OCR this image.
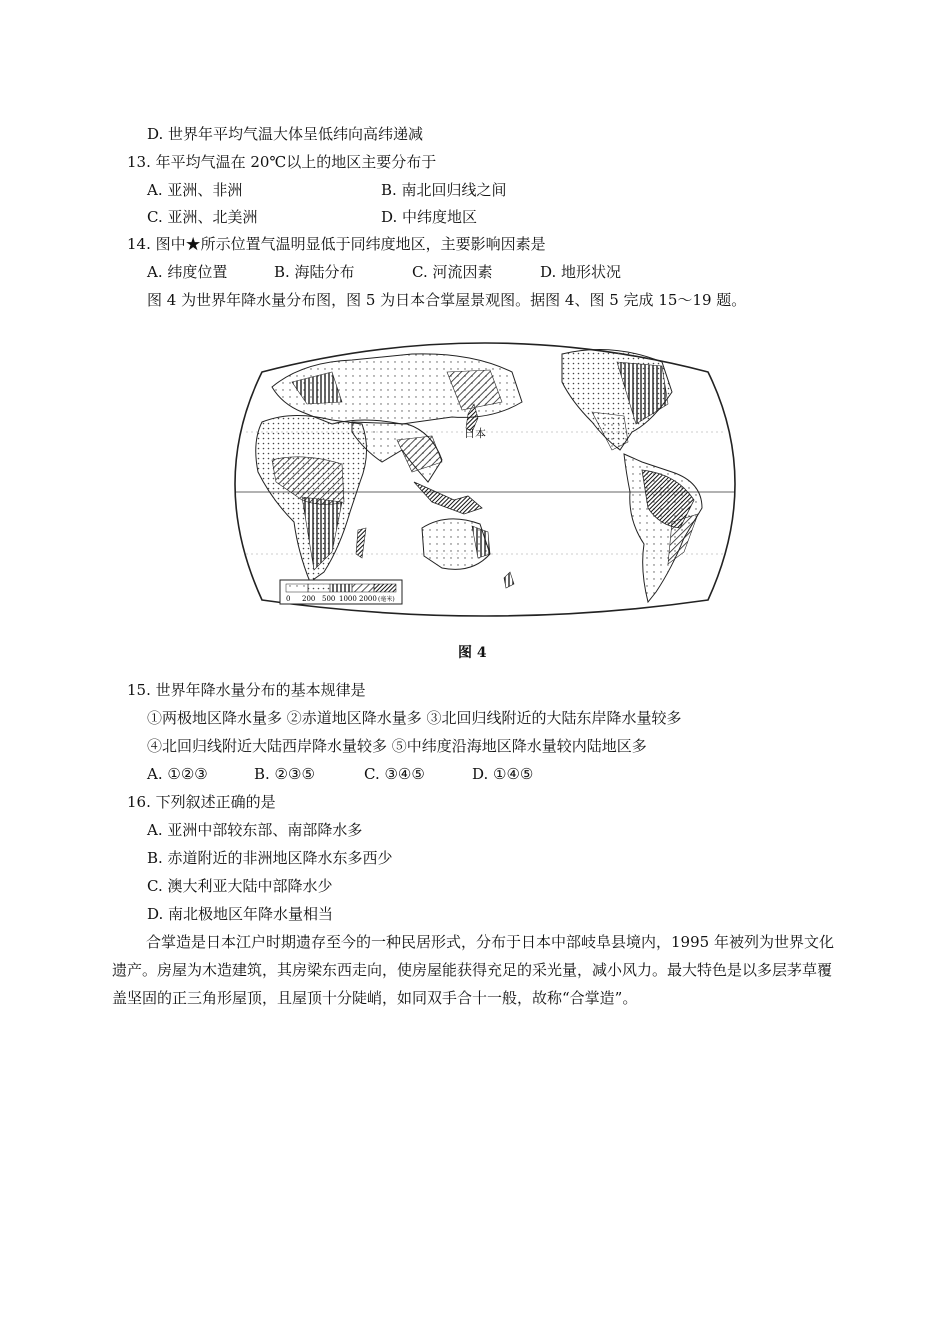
D. 世界年平均气温大体呈低纬向高纬递减
13. 年平均气温在 20℃以上的地区主要分布于
A. 亚洲、非洲	B. 南北回归线之间
C. 亚洲、北美洲	D. 中纬度地区
14. 图中★所示位置气温明显低于同纬度地区，主要影响因素是
A. 纬度位置	B. 海陆分布	C. 河流因素	D. 地形状况
图 4 为世界年降水量分布图，图 5 为日本合掌屋景观图。据图 4、图 5 完成 15～19 题。
日本
0 200 500 1000 2000 (毫米)
图 4
15. 世界年降水量分布的基本规律是
①两极地区降水量多 ②赤道地区降水量多 ③北回归线附近的大陆东岸降水量较多
④北回归线附近大陆西岸降水量较多 ⑤中纬度沿海地区降水量较内陆地区多
A. ①②③	B. ②③⑤	C. ③④⑤	D. ①④⑤
16. 下列叙述正确的是
A. 亚洲中部较东部、南部降水多
B. 赤道附近的非洲地区降水东多西少
C. 澳大利亚大陆中部降水少
D. 南北极地区年降水量相当
合掌造是日本江户时期遗存至今的一种民居形式，分布于日本中部岐阜县境内，1995 年被列为世界文化遗产。房屋为木造建筑，其房梁东西走向，使房屋能获得充足的采光量，减小风力。最大特色是以多层茅草覆盖坚固的正三角形屋顶，且屋顶十分陡峭，如同双手合十一般，故称“合掌造”。
